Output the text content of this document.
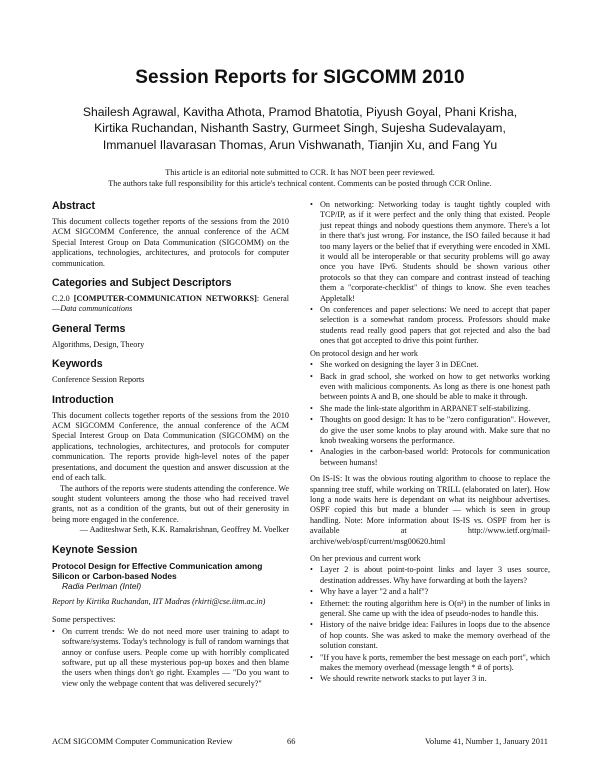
Session Reports for SIGCOMM 2010
Shailesh Agrawal, Kavitha Athota, Pramod Bhatotia, Piyush Goyal, Phani Krisha,
Kirtika Ruchandan, Nishanth Sastry, Gurmeet Singh, Sujesha Sudevalayam,
Immanuel Ilavarasan Thomas, Arun Vishwanath, Tianjin Xu, and Fang Yu
This article is an editorial note submitted to CCR. It has NOT been peer reviewed.
The authors take full responsibility for this article's technical content. Comments can be posted through CCR Online.
Abstract

This document collects together reports of the sessions from the 2010 ACM SIGCOMM Conference, the annual conference of the ACM Special Interest Group on Data Communication (SIGCOMM) on the applications, technologies, architectures, and protocols for computer communication.

Categories and Subject Descriptors

C.2.0 [COMPUTER-COMMUNICATION NETWORKS]: General—Data communications

General Terms

Algorithms, Design, Theory

Keywords

Conference Session Reports

Introduction

This document collects together reports of the sessions from the 2010 ACM SIGCOMM Conference, the annual conference of the ACM Special Interest Group on Data Communication (SIGCOMM) on the applications, technologies, architectures, and protocols for computer communication. The reports provide high-level notes of the paper presentations, and document the question and answer discussion at the end of each talk.

The authors of the reports were students attending the conference. We sought student volunteers among the those who had received travel grants, not as a condition of the grants, but out of their generosity in being more engaged in the conference.

— Aaditeshwar Seth, K.K. Ramakrishnan, Geoffrey M. Voelker

Keynote Session
Protocol Design for Effective Communication among Silicon or Carbon-based Nodes
Radia Perlman (Intel)

Report by Kirtika Ruchandan, IIT Madras (rkirti@cse.iitm.ac.in)

Some perspectives:

• On current trends: We do not need more user training to adapt to software/systems. Today's technology is full of random warnings that annoy or confuse users. People come up with horribly complicated software, put up all these mysterious pop-up boxes and then blame the users when things don't go right. Examples — "Do you want to view only the webpage content that was delivered securely?"
• On networking: Networking today is taught tightly coupled with TCP/IP, as if it were perfect and the only thing that existed. People just repeat things and nobody questions them anymore. There's a lot in there that's just wrong. For instance, the ISO failed because it had too many layers or the belief that if everything were encoded in XML it would all be interoperable or that security problems will go away once you have IPv6. Students should be shown various other protocols so that they can compare and contrast instead of teaching them a "corporate-checklist" of things to know. She even teaches Appletalk!
• On conferences and paper selections: We need to accept that paper selection is a somewhat random process. Professors should make students read really good papers that got rejected and also the bad ones that got accepted to drive this point further.

On protocol design and her work

• She worked on designing the layer 3 in DECnet.
• Back in grad school, she worked on how to get networks working even with malicious components. As long as there is one honest path between points A and B, one should be able to make it through.
• She made the link-state algorithm in ARPANET self-stabilizing.
• Thoughts on good design: It has to be "zero configuration". However, do give the user some knobs to play around with. Make sure that no knob tweaking worsens the performance.
• Analogies in the carbon-based world: Protocols for communication between humans!

On IS-IS: It was the obvious routing algorithm to choose to replace the spanning tree stuff, while working on TRILL (elaborated on later). How long a node waits here is dependant on what its neighbour advertises. OSPF copied this but made a blunder — which is seen in group handling. Note: More information about IS-IS vs. OSPF from her is available at http://www.ietf.org/mail-archive/web/ospf/current/msg00620.html

On her previous and current work

• Layer 2 is about point-to-point links and layer 3 uses source, destination addresses. Why have forwarding at both the layers?
• Why have a layer "2 and a half"?
• Ethernet: the routing algorithm here is O(n²) in the number of links in general. She came up with the idea of pseudo-nodes to handle this.
• History of the naive bridge idea: Failures in loops due to the absence of hop counts. She was asked to make the memory overhead of the solution constant.
• "If you have k ports, remember the best message on each port", which makes the memory overhead (message length * # of ports).
• We should rewrite network stacks to put layer 3 in.
ACM SIGCOMM Computer Communication Review	66	Volume 41, Number 1, January 2011
